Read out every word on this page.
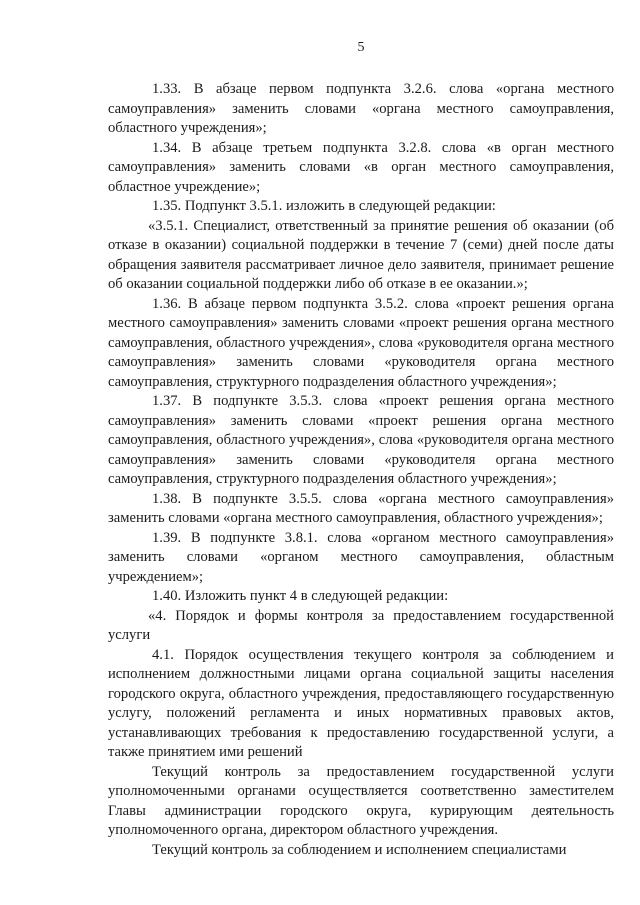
5

1.33. В абзаце первом подпункта 3.2.6. слова «органа местного самоуправления» заменить словами «органа местного самоуправления, областного учреждения»;

1.34. В абзаце третьем подпункта 3.2.8. слова «в орган местного самоуправления» заменить словами «в орган местного самоуправления, областное учреждение»;

1.35. Подпункт 3.5.1. изложить в следующей редакции:

«3.5.1. Специалист, ответственный за принятие решения об оказании (об отказе в оказании) социальной поддержки в течение 7 (семи) дней после даты обращения заявителя рассматривает личное дело заявителя, принимает решение об оказании социальной поддержки либо об отказе в ее оказании.»;

1.36. В абзаце первом подпункта 3.5.2. слова «проект решения органа местного самоуправления» заменить словами «проект решения органа местного самоуправления, областного учреждения», слова «руководителя органа местного самоуправления» заменить словами «руководителя органа местного самоуправления, структурного подразделения областного учреждения»;

1.37. В подпункте 3.5.3. слова «проект решения органа местного самоуправления» заменить словами «проект решения органа местного самоуправления, областного учреждения», слова «руководителя органа местного самоуправления» заменить словами «руководителя органа местного самоуправления, структурного подразделения областного учреждения»;

1.38. В подпункте 3.5.5. слова «органа местного самоуправления» заменить словами «органа местного самоуправления, областного учреждения»;

1.39. В подпункте 3.8.1. слова «органом местного самоуправления» заменить словами «органом местного самоуправления, областным учреждением»;

1.40. Изложить пункт 4 в следующей редакции:

«4. Порядок и формы контроля за предоставлением государственной услуги

4.1. Порядок осуществления текущего контроля за соблюдением и исполнением должностными лицами органа социальной защиты населения городского округа, областного учреждения, предоставляющего государственную услугу, положений регламента и иных нормативных правовых актов, устанавливающих требования к предоставлению государственной услуги, а также принятием ими решений

Текущий контроль за предоставлением государственной услуги уполномоченными органами осуществляется соответственно заместителем Главы администрации городского округа, курирующим деятельность уполномоченного органа, директором областного учреждения.

Текущий контроль за соблюдением и исполнением специалистами
